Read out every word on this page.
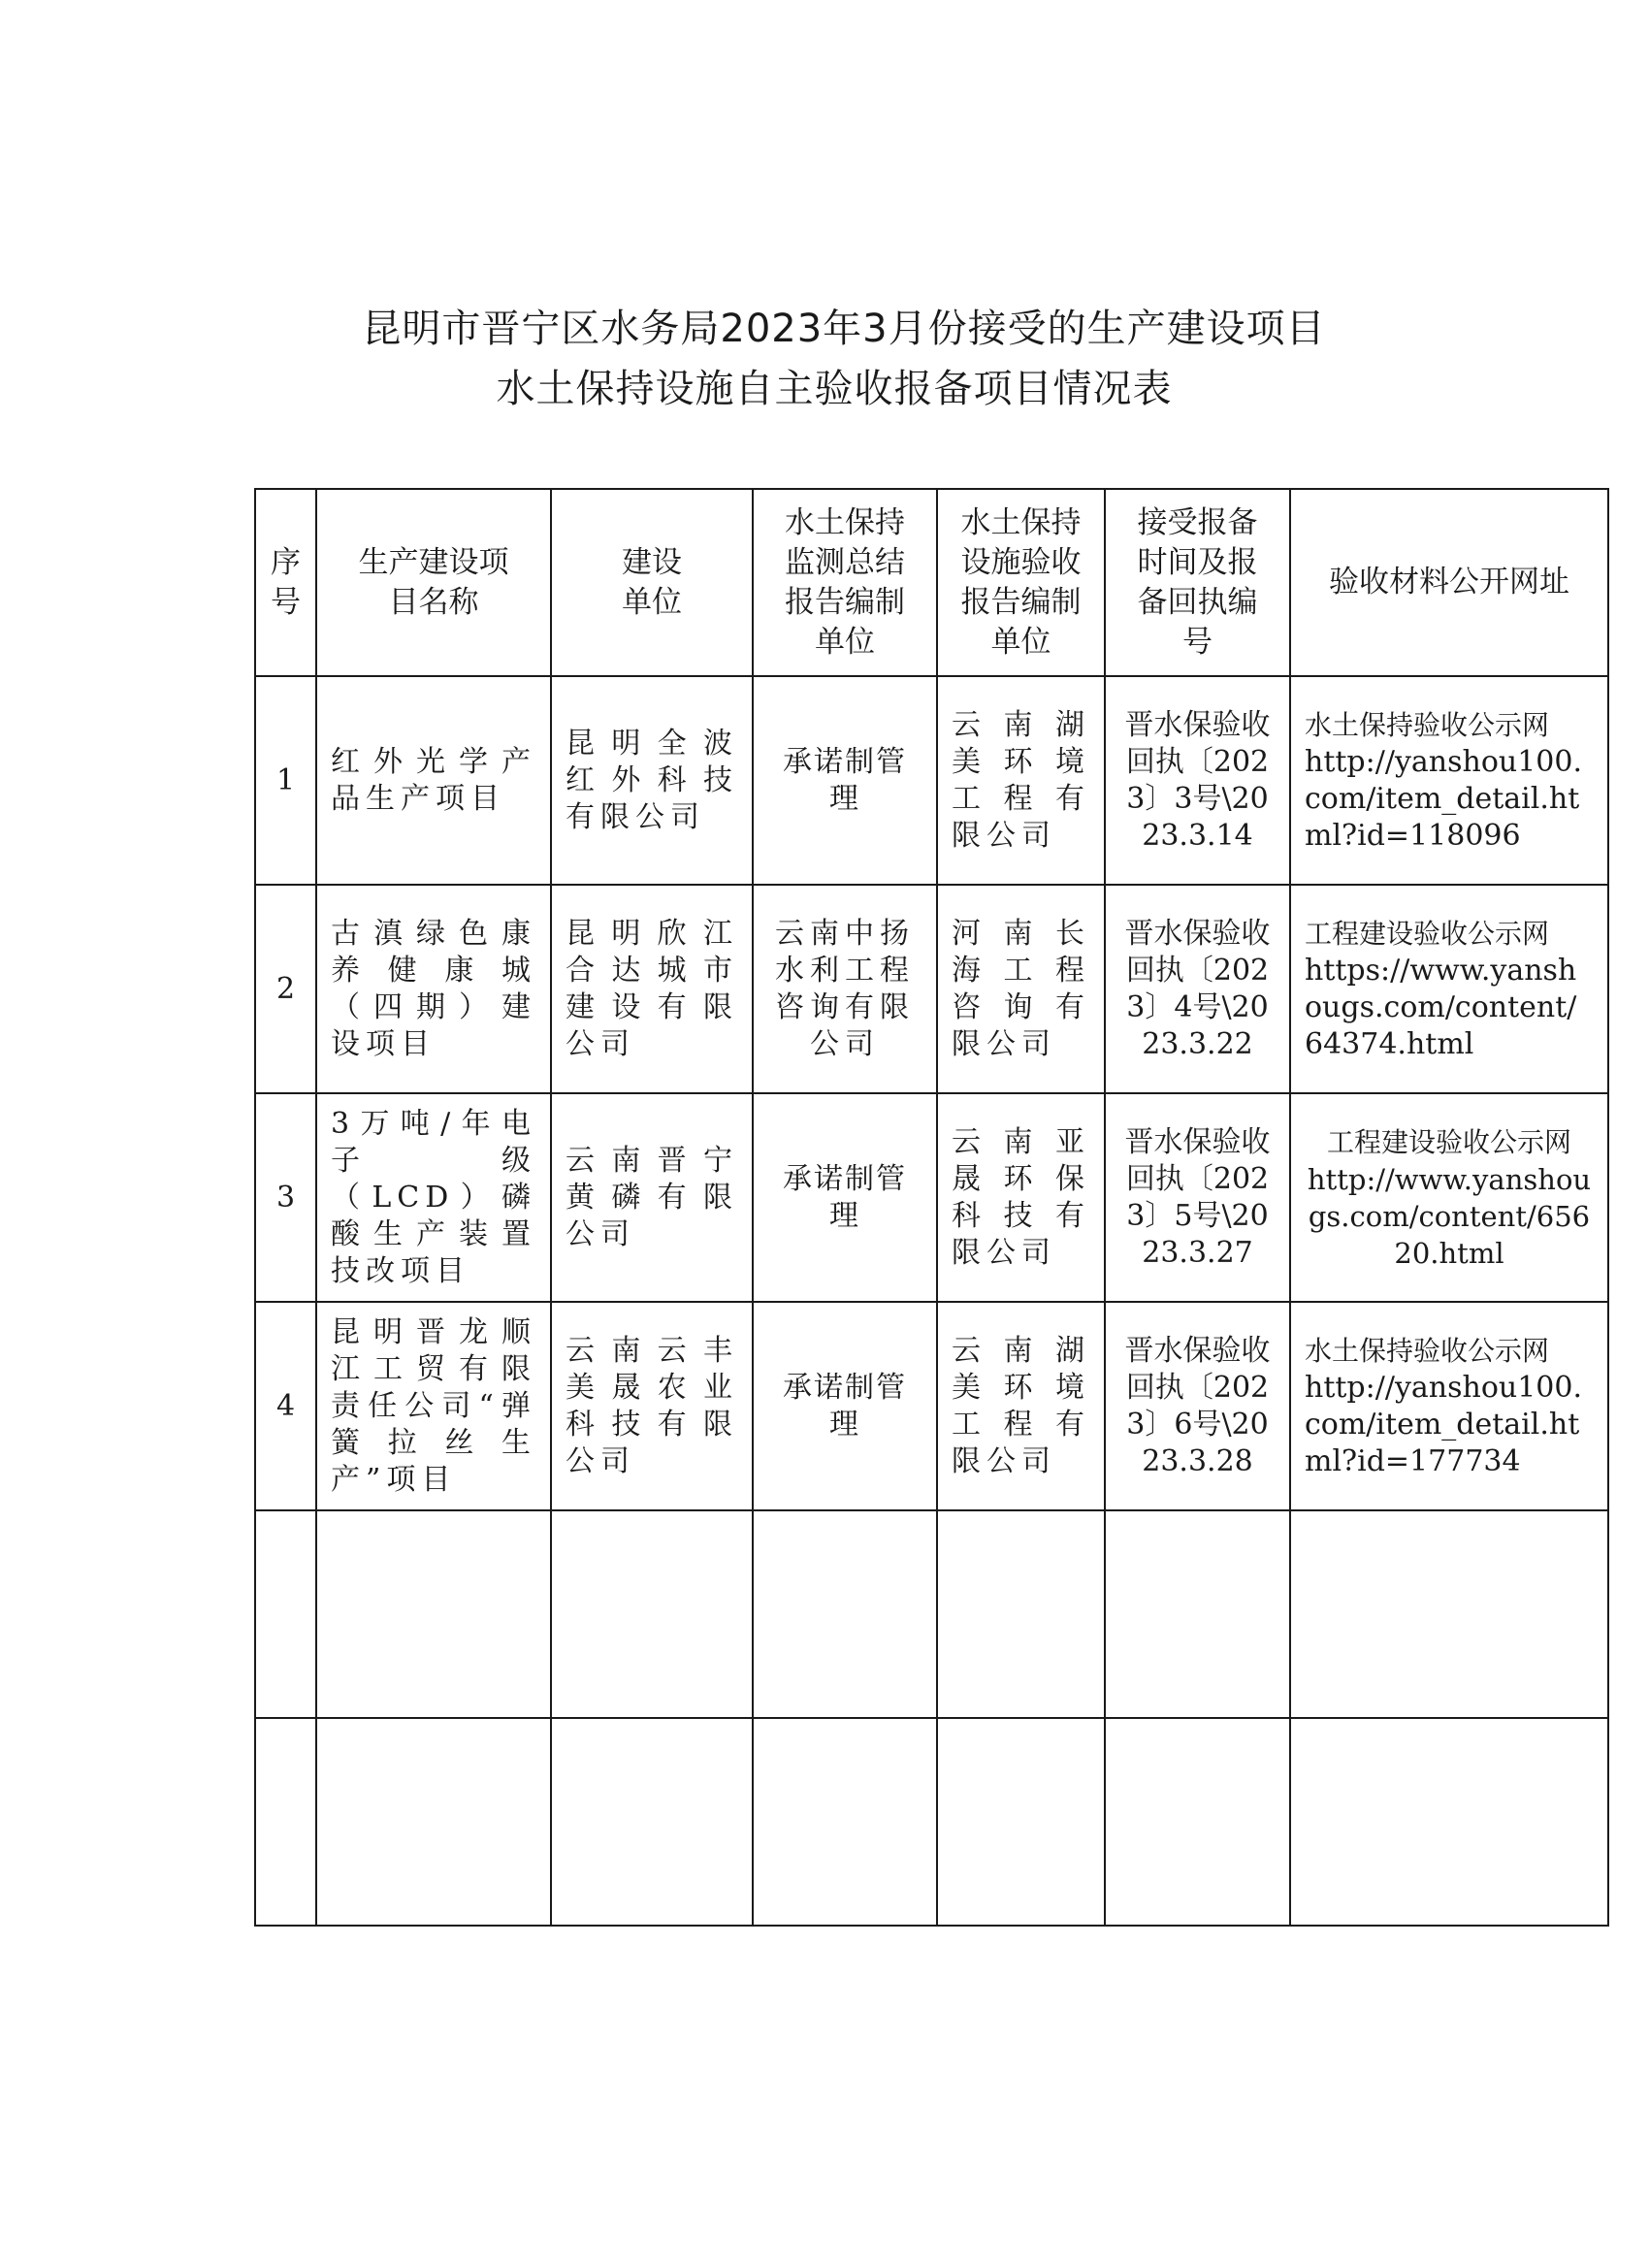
昆明市晋宁区水务局2023年3月份接受的生产建设项目
水土保持设施自主验收报备项目情况表
序号	生产建设项目名称	建设单位	水土保持监测总结报告编制单位	水土保持设施验收报告编制单位	接受报备时间及报备回执编号	验收材料公开网址
1	红外光学产品生产项目	昆明全波红外科技有限公司	承诺制管理	云南湖美环境工程有限公司	晋水保验收回执〔2023〕3号\2023.3.14	水土保持验收公示网
http://yanshou100.com/item_detail.html?id=118096

2	古滇绿色康养健康城（四期）建设项目	昆明欣江合达城市建设有限公司	云南中扬水利工程咨询有限公司	河南长海工程咨询有限公司	晋水保验收回执〔2023〕4号\2023.3.22	工程建设验收公示网
https://www.yanshougs.com/content/64374.html

3	3万吨/年电子级（LCD）磷酸生产装置技改项目	云南晋宁黄磷有限公司	承诺制管理	云南亚晟环保科技有限公司	晋水保验收回执〔2023〕5号\2023.3.27	工程建设验收公示网
http://www.yanshougs.com/content/65620.html

4	昆明晋龙顺江工贸有限责任公司“弹簧拉丝生产”项目	云南云丰美晟农业科技有限公司	承诺制管理	云南湖美环境工程有限公司	晋水保验收回执〔2023〕6号\2023.3.28	水土保持验收公示网
http://yanshou100.com/item_detail.html?id=177734
